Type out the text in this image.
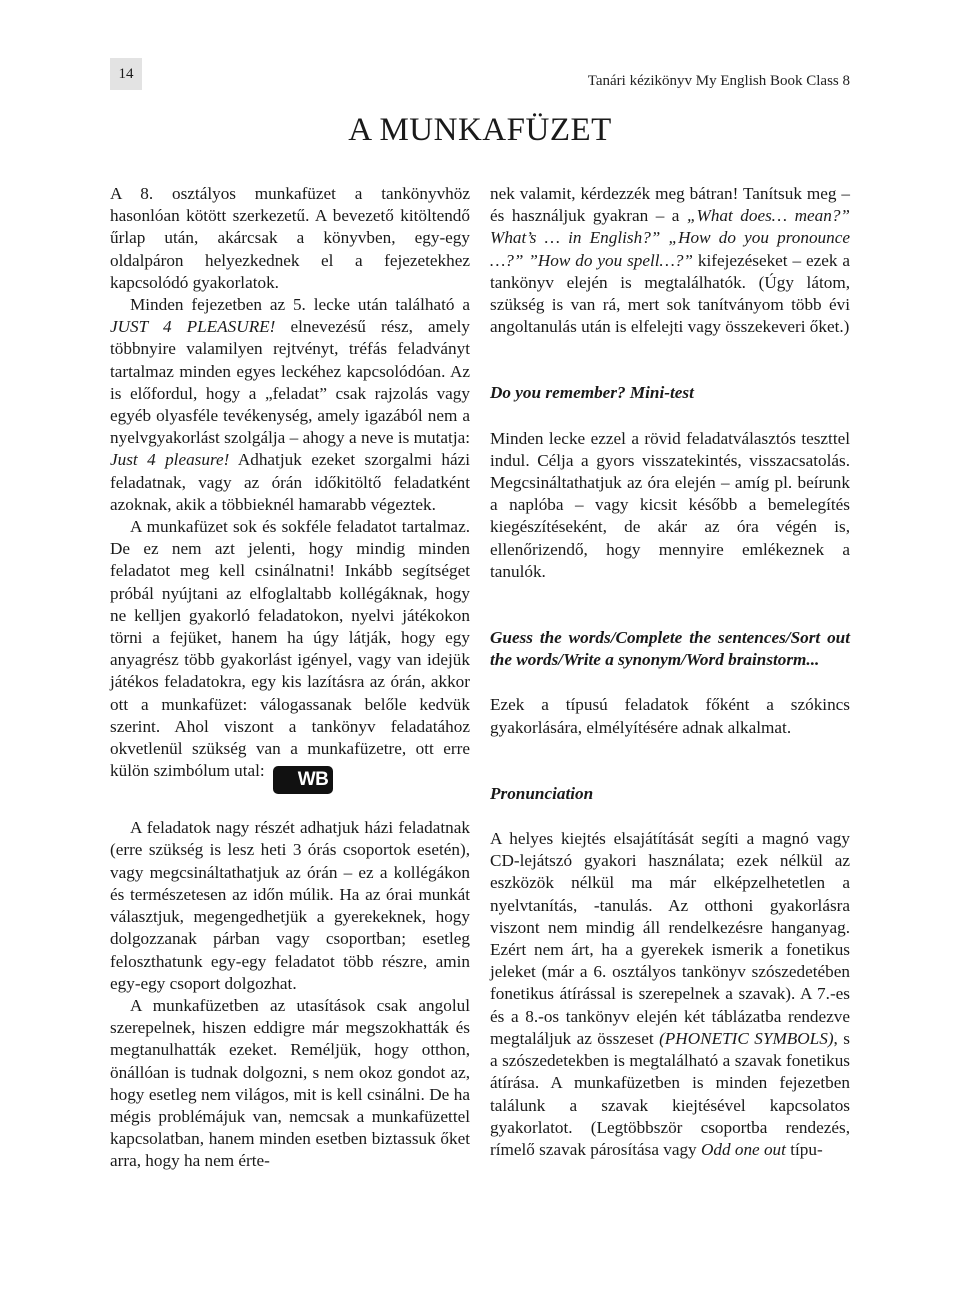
14	Tanári kézikönyv My English Book Class 8
A MUNKAFÜZET

A 8. osztályos munkafüzet a tankönyvhöz hasonlóan kötött szerkezetű. A bevezető kitöltendő űrlap után, akárcsak a könyvben, egy-egy oldalpáron helyezkednek el a fejezetekhez kapcsolódó gyakorlatok.

Minden fejezetben az 5. lecke után található a JUST 4 PLEASURE! elnevezésű rész, amely többnyire valamilyen rejtvényt, tréfás feladványt tartalmaz minden egyes leckéhez kapcsolódóan. Az is előfordul, hogy a „feladat” csak rajzolás vagy egyéb olyasféle tevékenység, amely igazából nem a nyelvgyakorlást szolgálja – ahogy a neve is mutatja: Just 4 pleasure! Adhatjuk ezeket szorgalmi házi feladatnak, vagy az órán időkitöltő feladatként azoknak, akik a többieknél hamarabb végeztek.

A munkafüzet sok és sokféle feladatot tartalmaz. De ez nem azt jelenti, hogy mindig minden feladatot meg kell csinálnatni! Inkább segítséget próbál nyújtani az elfoglaltabb kollégáknak, hogy ne kelljen gyakorló feladatokon, nyelvi játékokon törni a fejüket, hanem ha úgy látják, hogy egy anyagrész több gyakorlást igényel, vagy van idejük játékos feladatokra, egy kis lazításra az órán, akkor ott a munkafüzet: válogassanak belőle kedvük szerint. Ahol viszont a tankönyv feladatához okvetlenül szükség van a munkafüzetre, ott erre külön szimbólum utal: WB

A feladatok nagy részét adhatjuk házi feladatnak (erre szükség is lesz heti 3 órás csoportok esetén), vagy megcsináltathatjuk az órán – ez a kollégákon és természetesen az időn múlik. Ha az órai munkát választjuk, megengedhetjük a gyerekeknek, hogy dolgozzanak párban vagy csoportban; esetleg feloszthatunk egy-egy feladatot több részre, amin egy-egy csoport dolgozhat.

A munkafüzetben az utasítások csak angolul szerepelnek, hiszen eddigre már megszokhatták és megtanulhatták ezeket. Reméljük, hogy otthon, önállóan is tudnak dolgozni, s nem okoz gondot az, hogy esetleg nem világos, mit is kell csinálni. De ha mégis problémájuk van, nemcsak a munkafüzettel kapcsolatban, hanem minden esetben biztassuk őket arra, hogy ha nem érte-

nek valamit, kérdezzék meg bátran! Tanítsuk meg – és használjuk gyakran – a „What does… mean?” What’s … in English?” „How do you pronounce …?” ”How do you spell…?” kifejezéseket – ezek a tankönyv elején is megtalálhatók. (Úgy látom, szükség is van rá, mert sok tanítványom több évi angoltanulás után is elfelejti vagy összekeveri őket.)

Do you remember? Mini-test

Minden lecke ezzel a rövid feladatválasztós teszttel indul. Célja a gyors visszatekintés, visszacsatolás. Megcsináltathatjuk az óra elején – amíg pl. beírunk a naplóba – vagy kicsit később a bemelegítés kiegészítéseként, de akár az óra végén is, ellenőrizendő, hogy mennyire emlékeznek a tanulók.

Guess the words/Complete the sentences/Sort out the words/Write a synonym/Word brainstorm...

Ezek a típusú feladatok főként a szókincs gyakorlására, elmélyítésére adnak alkalmat.

Pronunciation

A helyes kiejtés elsajátítását segíti a magnó vagy CD-lejátszó gyakori használata; ezek nélkül az eszközök nélkül ma már elképzelhetetlen a nyelvtanítás, -tanulás. Az otthoni gyakorlásra viszont nem mindig áll rendelkezésre hanganyag. Ezért nem árt, ha a gyerekek ismerik a fonetikus jeleket (már a 6. osztályos tankönyv szószedetében fonetikus átírással is szerepelnek a szavak). A 7.-es és a 8.-os tankönyv elején két táblázatba rendezve megtaláljuk az összeset (PHONETIC SYMBOLS), s a szószedetekben is megtalálható a szavak fonetikus átírása. A munkafüzetben is minden fejezetben találunk a szavak kiejtésével kapcsolatos gyakorlatot. (Legtöbbször csoportba rendezés, rímelő szavak párosítása vagy Odd one out típu-
